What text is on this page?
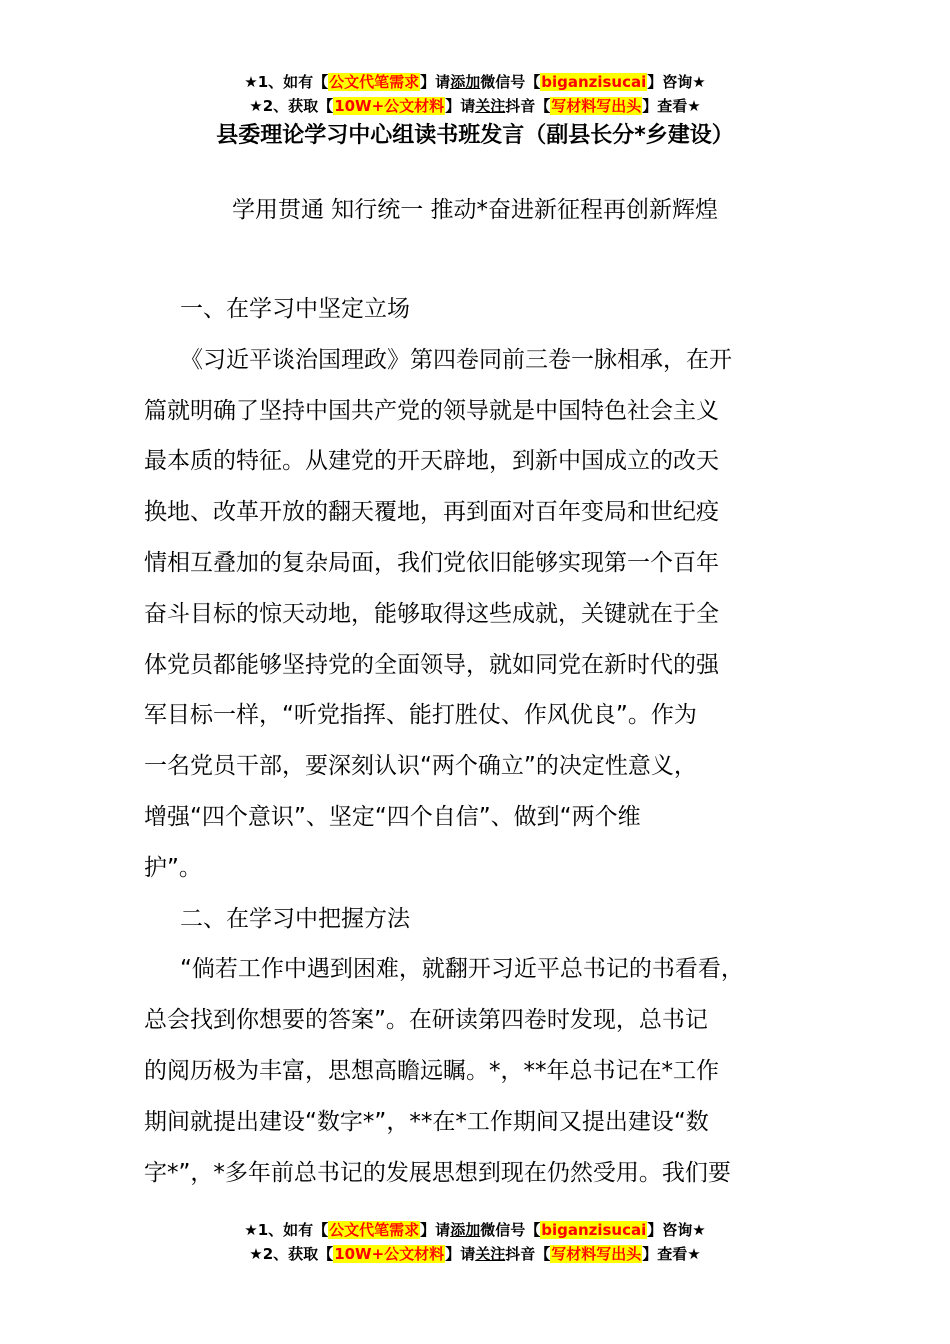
★1、如有【公文代笔需求】请添加微信号【biganzisucai】咨询★
★2、获取【10W+公文材料】请关注抖音【写材料写出头】查看★
县委理论学习中心组读书班发言（副县长分*乡建设）
学用贯通 知行统一 推动*奋进新征程再创新辉煌

一、在学习中坚定立场

《习近平谈治国理政》第四卷同前三卷一脉相承，在开

篇就明确了坚持中国共产党的领导就是中国特色社会主义

最本质的特征。从建党的开天辟地，到新中国成立的改天

换地、改革开放的翻天覆地，再到面对百年变局和世纪疫

情相互叠加的复杂局面，我们党依旧能够实现第一个百年

奋斗目标的惊天动地，能够取得这些成就，关键就在于全

体党员都能够坚持党的全面领导，就如同党在新时代的强

军目标一样，“听党指挥、能打胜仗、作风优良”。作为

一名党员干部，要深刻认识“两个确立”的决定性意义，

增强“四个意识”、坚定“四个自信”、做到“两个维

护”。

二、在学习中把握方法

“倘若工作中遇到困难，就翻开习近平总书记的书看看，

总会找到你想要的答案”。在研读第四卷时发现，总书记

的阅历极为丰富，思想高瞻远瞩。*，**年总书记在*工作

期间就提出建设“数字*”，**在*工作期间又提出建设“数

字*”，*多年前总书记的发展思想到现在仍然受用。我们要

★1、如有【公文代笔需求】请添加微信号【biganzisucai】咨询★
★2、获取【10W+公文材料】请关注抖音【写材料写出头】查看★
